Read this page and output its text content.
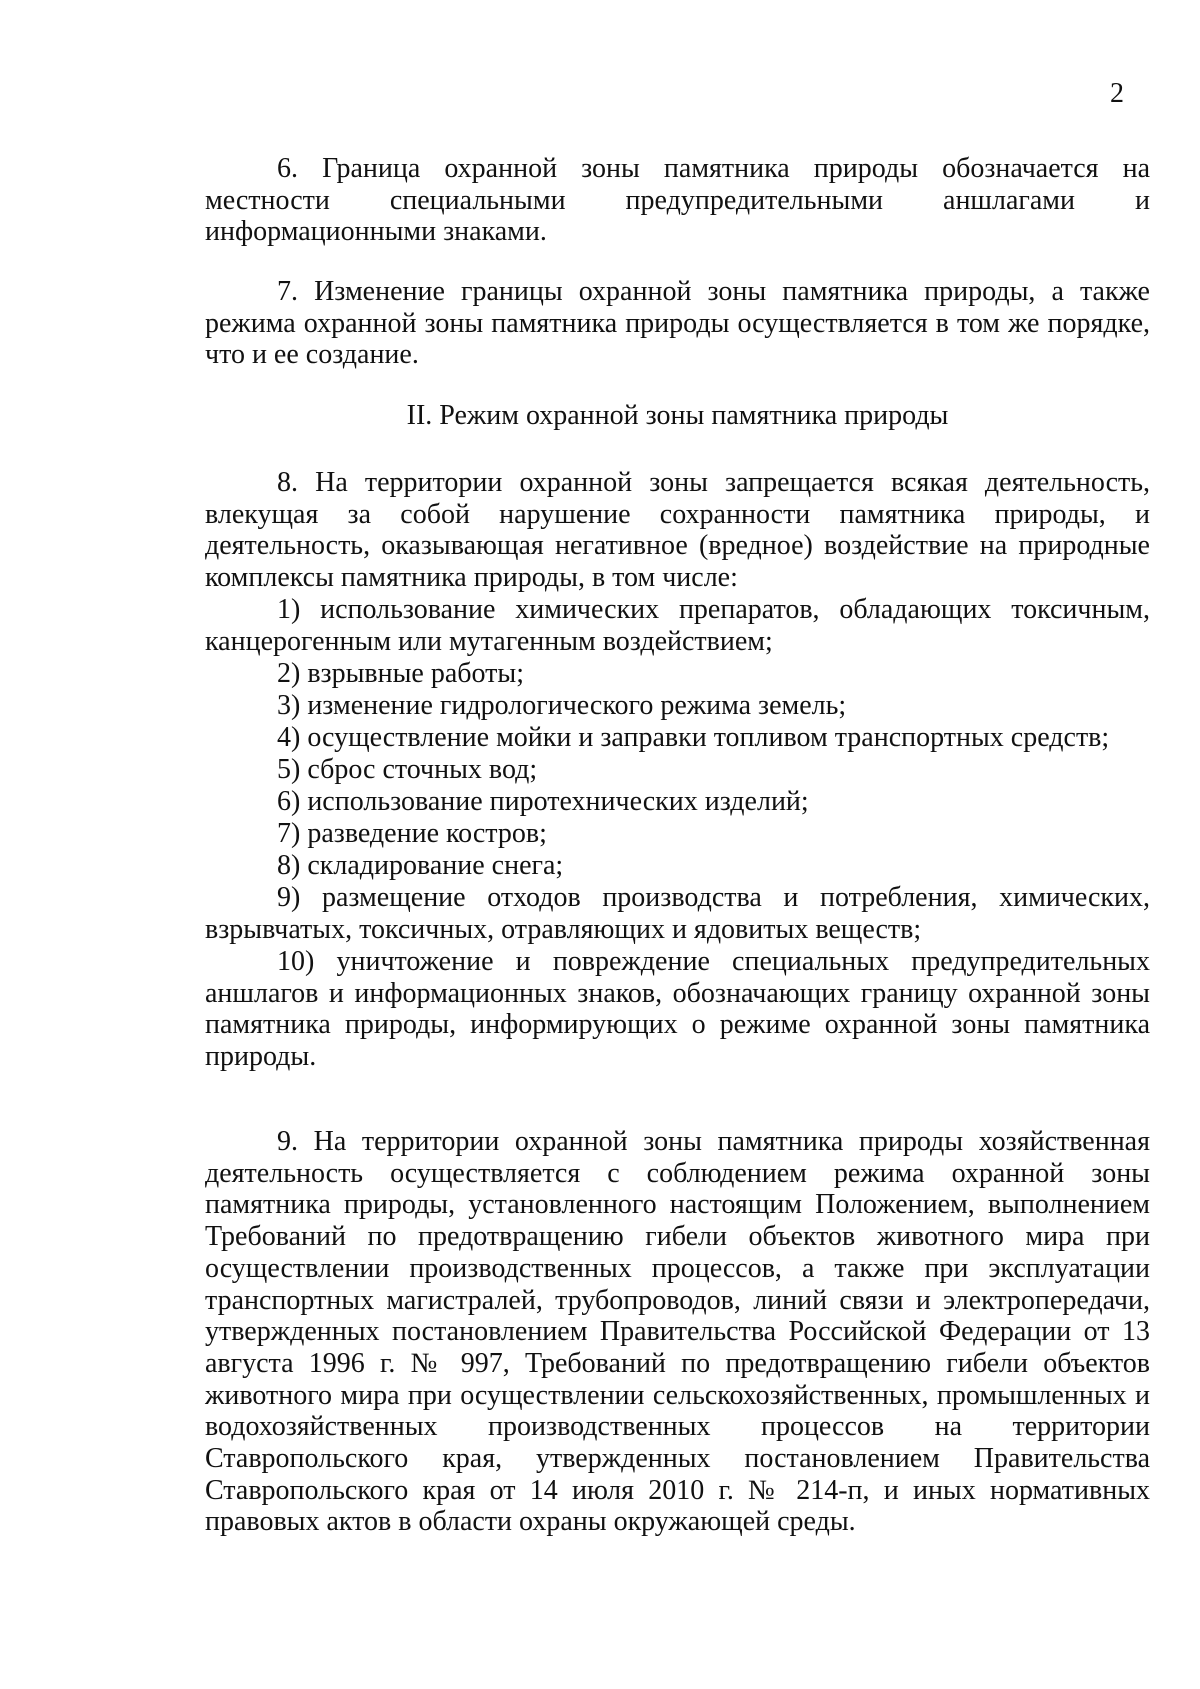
2
6. Граница охранной зоны памятника природы обозначается на местности специальными предупредительными аншлагами и информационными знаками.
7. Изменение границы охранной зоны памятника природы, а также режима охранной зоны памятника природы осуществляется в том же порядке, что и ее создание.
II. Режим охранной зоны памятника природы
8. На территории охранной зоны запрещается всякая деятельность, влекущая за собой нарушение сохранности памятника природы, и деятельность, оказывающая негативное (вредное) воздействие на природные комплексы памятника природы, в том числе:
1) использование химических препаратов, обладающих токсичным, канцерогенным или мутагенным воздействием;
2) взрывные работы;
3) изменение гидрологического режима земель;
4) осуществление мойки и заправки топливом транспортных средств;
5) сброс сточных вод;
6) использование пиротехнических изделий;
7) разведение костров;
8) складирование снега;
9) размещение отходов производства и потребления, химических, взрывчатых, токсичных, отравляющих и ядовитых веществ;
10) уничтожение и повреждение специальных предупредительных аншлагов и информационных знаков, обозначающих границу охранной зоны памятника природы, информирующих о режиме охранной зоны памятника природы.
9. На территории охранной зоны памятника природы хозяйственная деятельность осуществляется с соблюдением режима охранной зоны памятника природы, установленного настоящим Положением, выполнением Требований по предотвращению гибели объектов животного мира при осуществлении производственных процессов, а также при эксплуатации транспортных магистралей, трубопроводов, линий связи и электропередачи, утвержденных постановлением Правительства Российской Федерации от 13 августа 1996 г. № 997, Требований по предотвращению гибели объектов животного мира при осуществлении сельскохозяйственных, промышленных и водохозяйственных производственных процессов на территории Ставропольского края, утвержденных постановлением Правительства Ставропольского края от 14 июля 2010 г. № 214-п, и иных нормативных правовых актов в области охраны окружающей среды.
